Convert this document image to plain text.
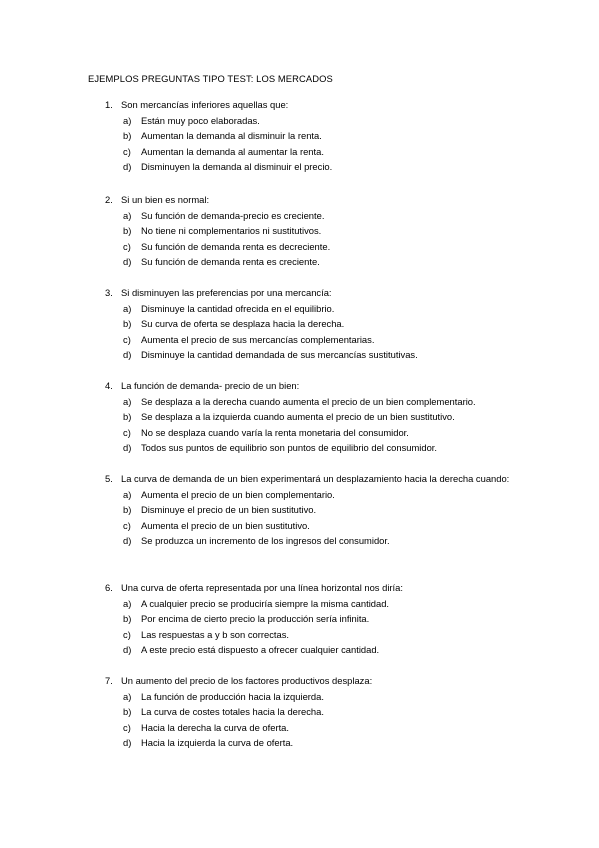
EJEMPLOS PREGUNTAS TIPO TEST: LOS MERCADOS
1. Son mercancías inferiores aquellas que:
a)	Están muy poco elaboradas.
b)	Aumentan la demanda al disminuir la renta.
c)	Aumentan la demanda al aumentar la renta.
d)	Disminuyen la demanda al disminuir el precio.
2. Si un bien es normal:
a)	Su función de demanda-precio es creciente.
b)	No tiene ni complementarios ni sustitutivos.
c)	Su función de demanda renta es decreciente.
d)	Su función de demanda renta es creciente.
3. Si disminuyen las preferencias por una mercancía:
a)	Disminuye la cantidad ofrecida en el equilibrio.
b)	Su curva de oferta se desplaza hacia la derecha.
c)	Aumenta el precio de sus mercancías complementarias.
d)	Disminuye la cantidad demandada de sus mercancías sustitutivas.
4. La función de demanda- precio de un bien:
a)	Se desplaza a la derecha cuando aumenta el precio de un bien complementario.
b)	Se desplaza a la izquierda cuando aumenta el precio de un bien sustitutivo.
c)	No se desplaza cuando varía la renta monetaria del consumidor.
d)	Todos sus puntos de equilibrio son puntos de equilibrio del consumidor.
5. La curva de demanda de un bien experimentará un desplazamiento hacia la derecha cuando:
a)	Aumenta el precio de un bien complementario.
b)	Disminuye el precio de un bien sustitutivo.
c)	Aumenta el precio de un bien sustitutivo.
d)	Se produzca un incremento de los ingresos del consumidor.
6. Una curva de oferta representada por una línea horizontal nos diría:
a)	A cualquier precio se produciría siempre la misma cantidad.
b)	Por encima de cierto precio la producción sería infinita.
c)	Las respuestas a y b son correctas.
d)	A este precio está dispuesto a ofrecer cualquier cantidad.
7. Un aumento del precio de los factores productivos desplaza:
a)	La función de producción hacia la izquierda.
b)	La curva de costes totales hacia la derecha.
c)	Hacia la derecha la curva de oferta.
d)	Hacia la izquierda la curva de oferta.
